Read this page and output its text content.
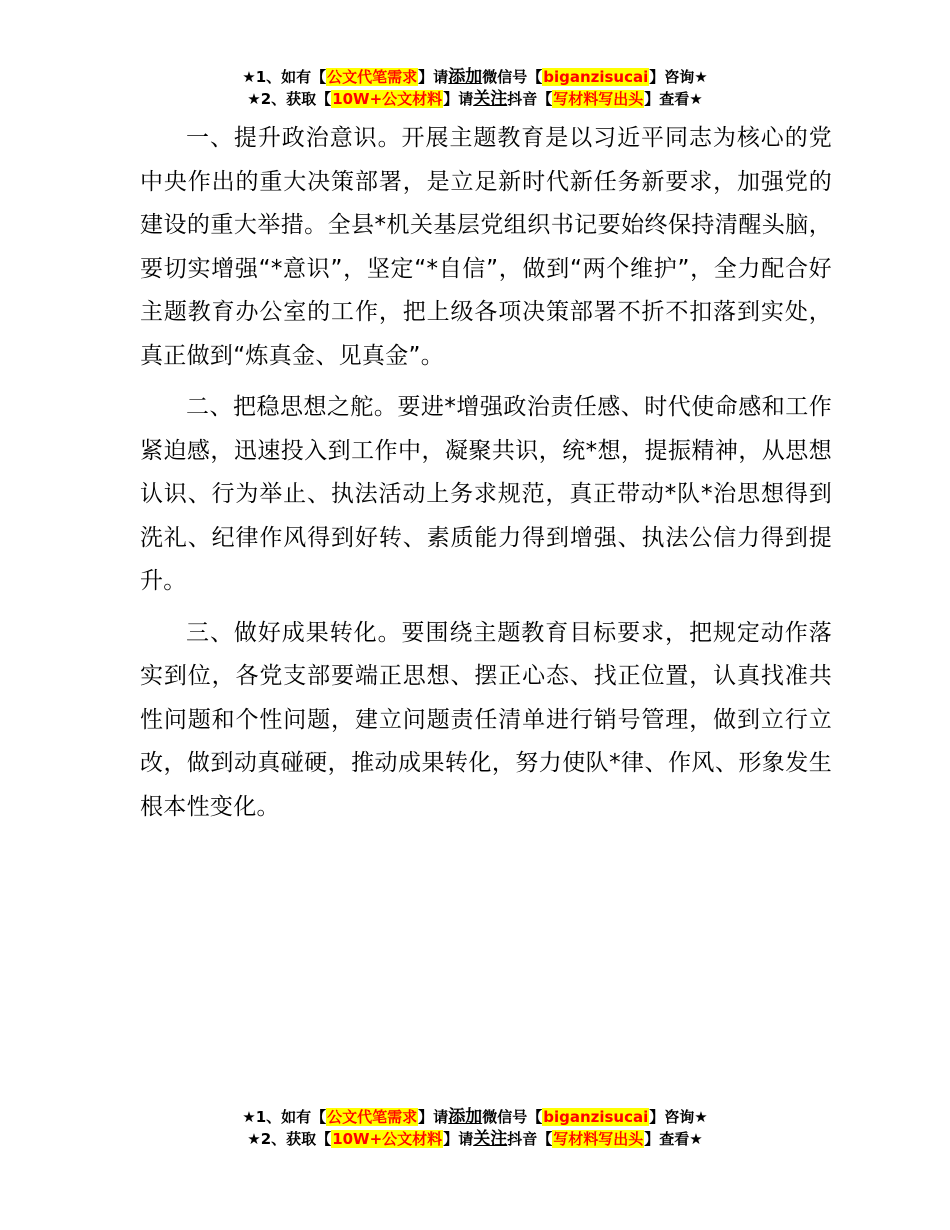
★1、如有【公文代笔需求】请添加微信号【biganzisucai】咨询★
★2、获取【10W+公文材料】请关注抖音【写材料写出头】查看★

一、提升政治意识。开展主题教育是以习近平同志为核心的党中央作出的重大决策部署，是立足新时代新任务新要求，加强党的建设的重大举措。全县*机关基层党组织书记要始终保持清醒头脑，要切实增强“*意识”，坚定“*自信”，做到“两个维护”，全力配合好主题教育办公室的工作，把上级各项决策部署不折不扣落到实处，真正做到“炼真金、见真金”。

二、把稳思想之舵。要进*增强政治责任感、时代使命感和工作紧迫感，迅速投入到工作中，凝聚共识，统*想，提振精神，从思想认识、行为举止、执法活动上务求规范，真正带动*队*治思想得到洗礼、纪律作风得到好转、素质能力得到增强、执法公信力得到提升。

三、做好成果转化。要围绕主题教育目标要求，把规定动作落实到位，各党支部要端正思想、摆正心态、找正位置，认真找准共性问题和个性问题，建立问题责任清单进行销号管理，做到立行立改，做到动真碰硬，推动成果转化，努力使队*律、作风、形象发生根本性变化。

★1、如有【公文代笔需求】请添加微信号【biganzisucai】咨询★
★2、获取【10W+公文材料】请关注抖音【写材料写出头】查看★
